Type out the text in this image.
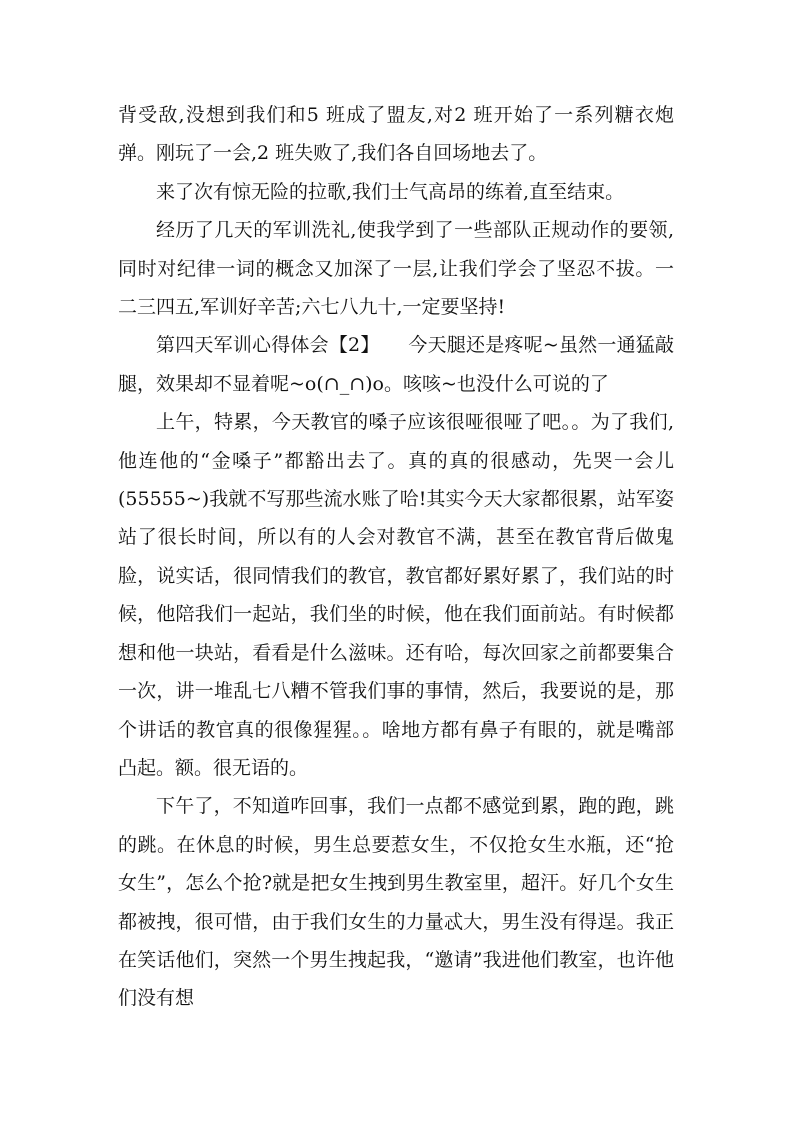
背受敌,没想到我们和5 班成了盟友,对2 班开始了一系列糖衣炮弹。刚玩了一会,2 班失败了,我们各自回场地去了。

来了次有惊无险的拉歌,我们士气高昂的练着,直至结束。

经历了几天的军训洗礼,使我学到了一些部队正规动作的要领,同时对纪律一词的概念又加深了一层,让我们学会了坚忍不拔。一二三四五,军训好辛苦;六七八九十,一定要坚持!

第四天军训心得体会【2】　　今天腿还是疼呢~虽然一通猛敲腿，效果却不显着呢~o(∩_∩)o。咳咳~也没什么可说的了

上午，特累，今天教官的嗓子应该很哑很哑了吧。。为了我们,他连他的“金嗓子”都豁出去了。真的真的很感动，先哭一会儿(55555~)我就不写那些流水账了哈!其实今天大家都很累，站军姿站了很长时间，所以有的人会对教官不满，甚至在教官背后做鬼脸，说实话，很同情我们的教官，教官都好累好累了，我们站的时候，他陪我们一起站，我们坐的时候，他在我们面前站。有时候都想和他一块站，看看是什么滋味。还有哈，每次回家之前都要集合一次，讲一堆乱七八糟不管我们事的事情，然后，我要说的是，那个讲话的教官真的很像猩猩。。啥地方都有鼻子有眼的，就是嘴部凸起。额。很无语的。

下午了，不知道咋回事，我们一点都不感觉到累，跑的跑，跳的跳。在休息的时候，男生总要惹女生，不仅抢女生水瓶，还“抢女生”，怎么个抢?就是把女生拽到男生教室里，超汗。好几个女生都被拽，很可惜，由于我们女生的力量忒大，男生没有得逞。我正在笑话他们，突然一个男生拽起我，“邀请”我进他们教室，也许他们没有想
